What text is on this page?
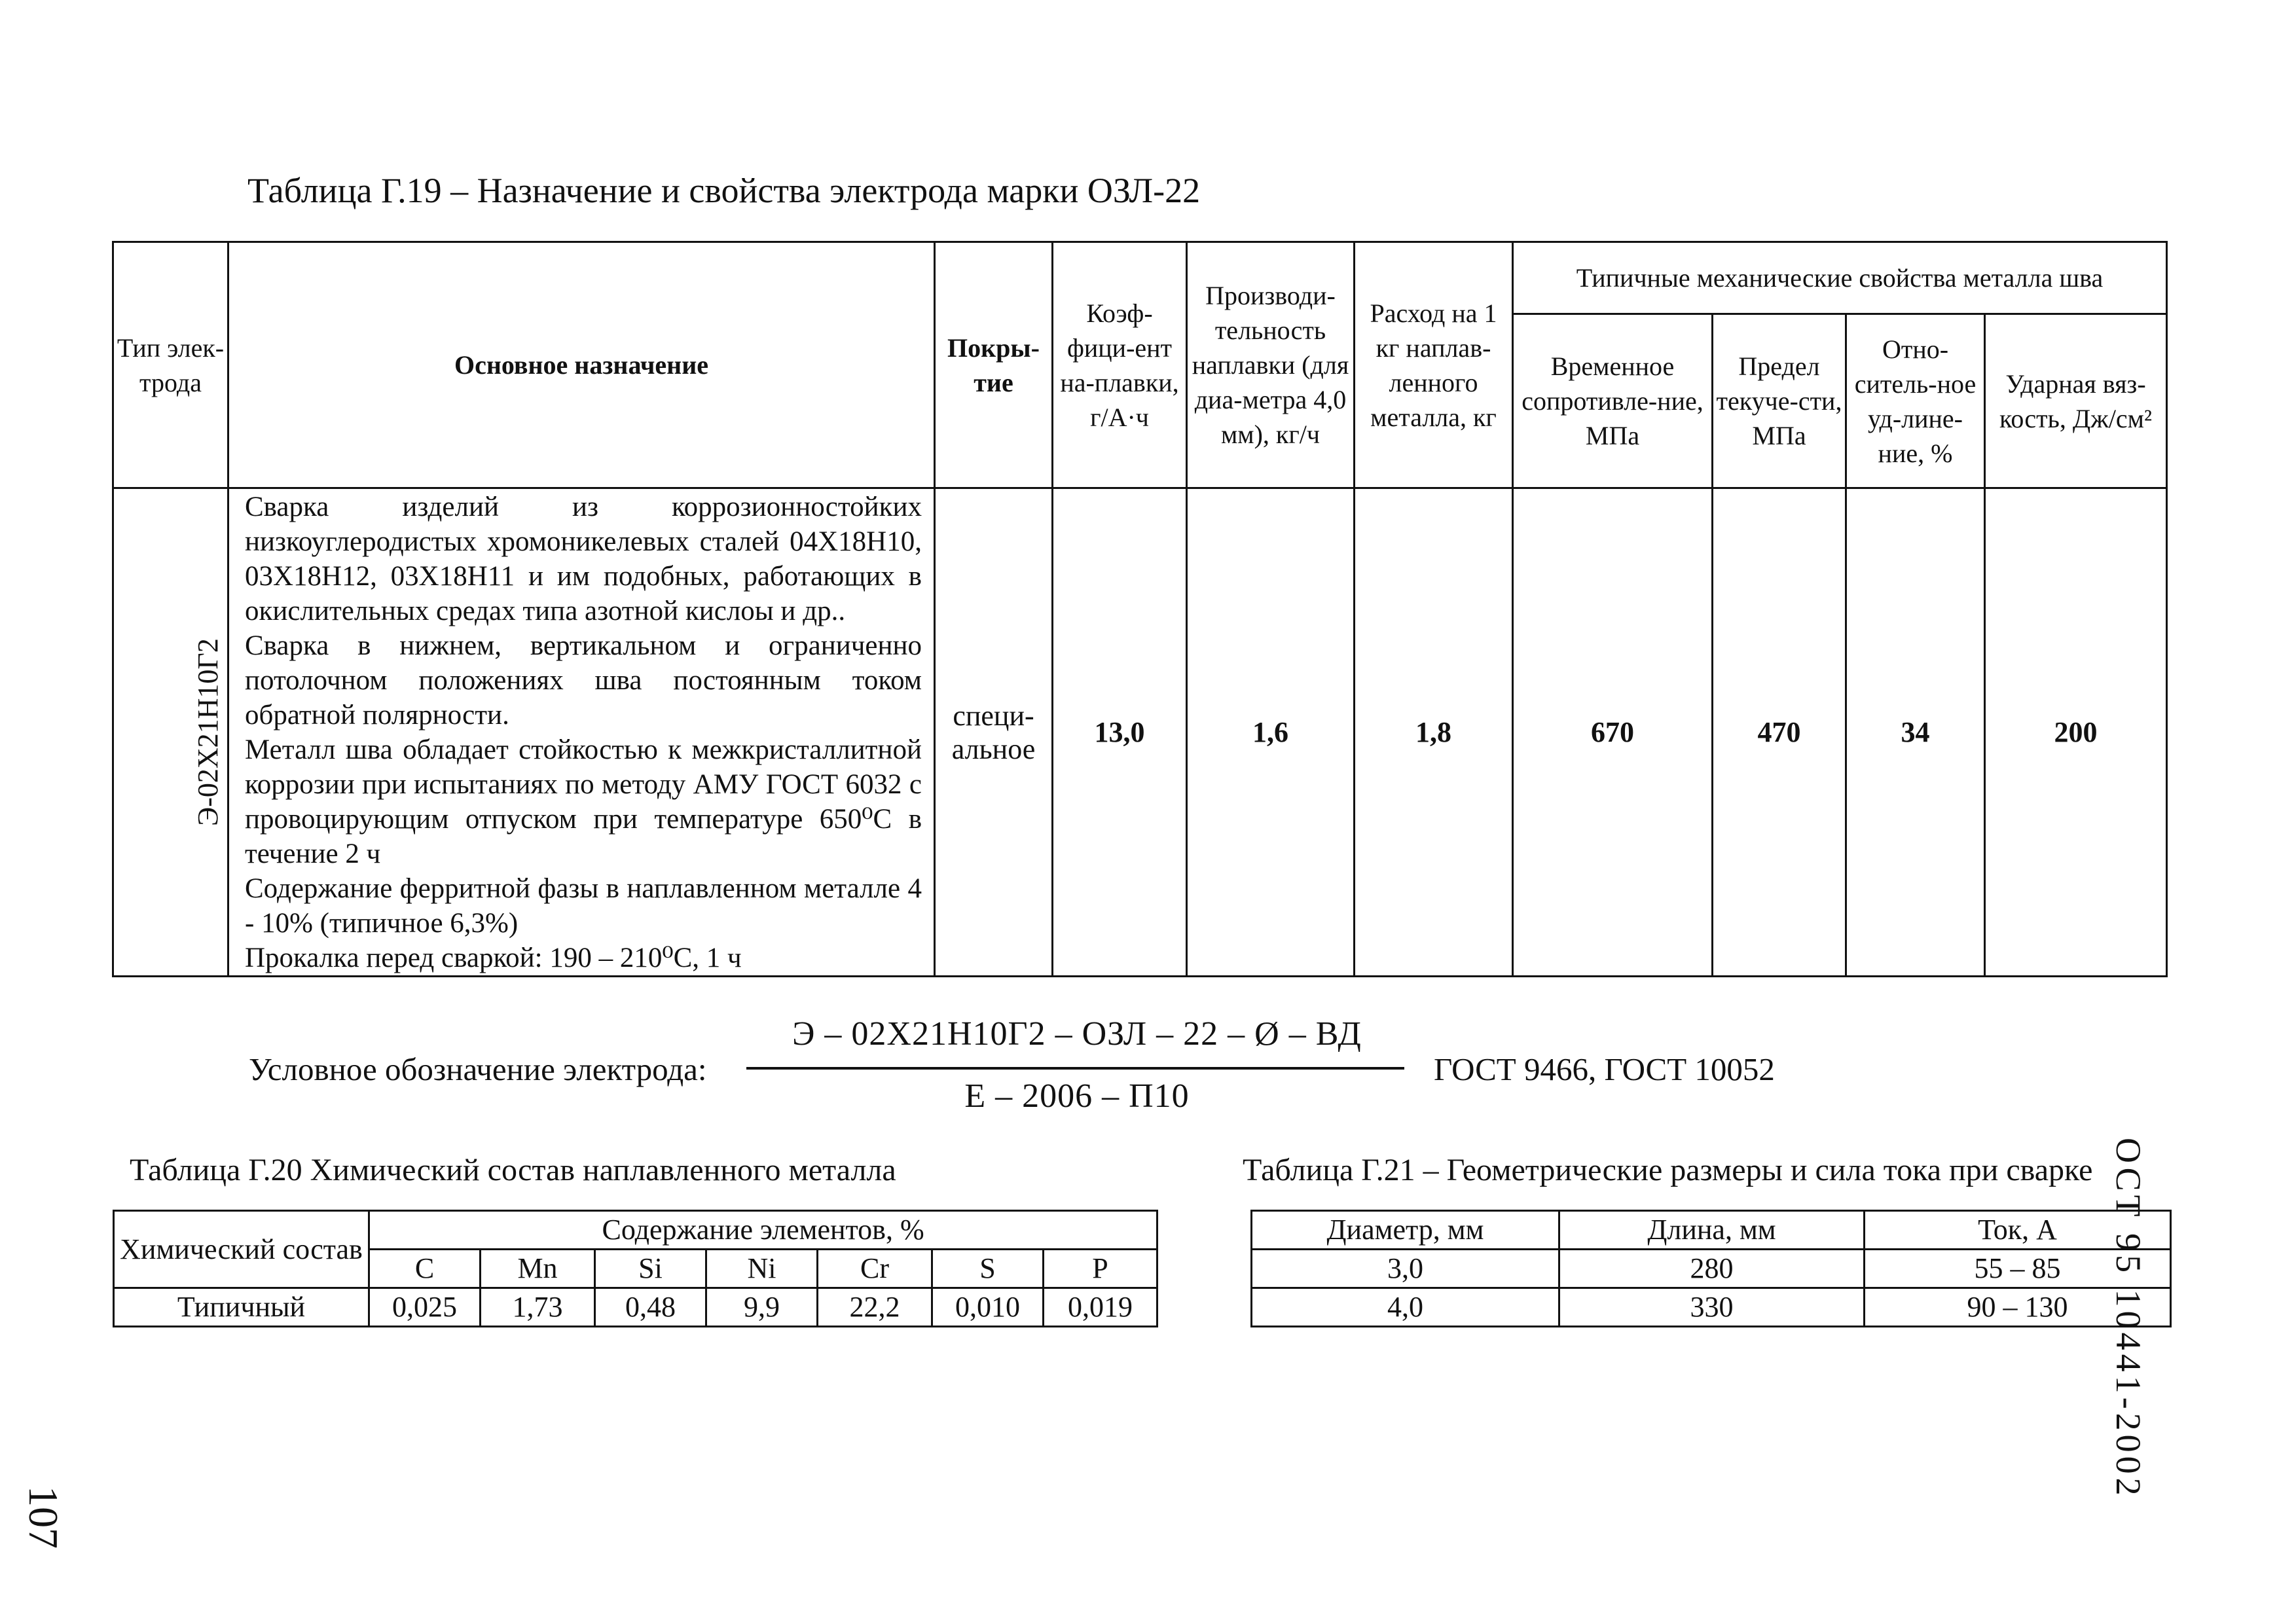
Таблица Г.19 – Назначение и свойства электрода марки ОЗЛ-22
Тип элек-трода	Основное назначение	Покры-тие	Коэф-фици-ент на-плавки, г/А·ч	Производи-тельность наплавки (для диа-метра 4,0 мм), кг/ч	Расход на 1 кг наплав-ленного металла, кг	Типичные механические свойства металла шва			
						Временное сопротивле-ние, МПа	Предел текуче-сти, МПа	Отно-ситель-ное уд-лине-ние, %	Ударная вяз-кость, Дж/см²
Э-02Х21Н10Г2	Сварка изделий из коррозионностойких низкоуглеродистых хромоникелевых сталей 04Х18Н10, 03Х18Н12, 03Х18Н11 и им подобных, работающих в окислительных средах типа азотной кислоы и др..

Сварка в нижнем, вертикальном и ограниченно потолочном положениях шва постоянным током обратной полярности.

Металл шва обладает стойкостью к межкристаллитной коррозии при испытаниях по методу АМУ ГОСТ 6032 с провоцирующим отпуском при температуре 650⁰С в течение 2 ч

Содержание ферритной фазы в наплавленном металле 4 - 10% (типичное 6,3%)

Прокалка перед сваркой: 190 – 210⁰С, 1 ч	специ-альное	13,0	1,6	1,8	670	470	34	200
Условное обозначение электрода:
Э – 02Х21Н10Г2 – ОЗЛ – 22 – Ø – ВД
Е – 2006 – П10
ГОСТ 9466, ГОСТ 10052
Таблица Г.20 Химический состав наплавленного металла
Химический состав	Содержание элементов, %						
	C	Mn	Si	Ni	Cr	S	P
Типичный	0,025	1,73	0,48	9,9	22,2	0,010	0,019
Таблица Г.21 – Геометрические размеры и сила тока при сварке
Диаметр, мм	Длина, мм	Ток, А
3,0	280	55 – 85
4,0	330	90 – 130 ОСТ 95 10441-2002
107
